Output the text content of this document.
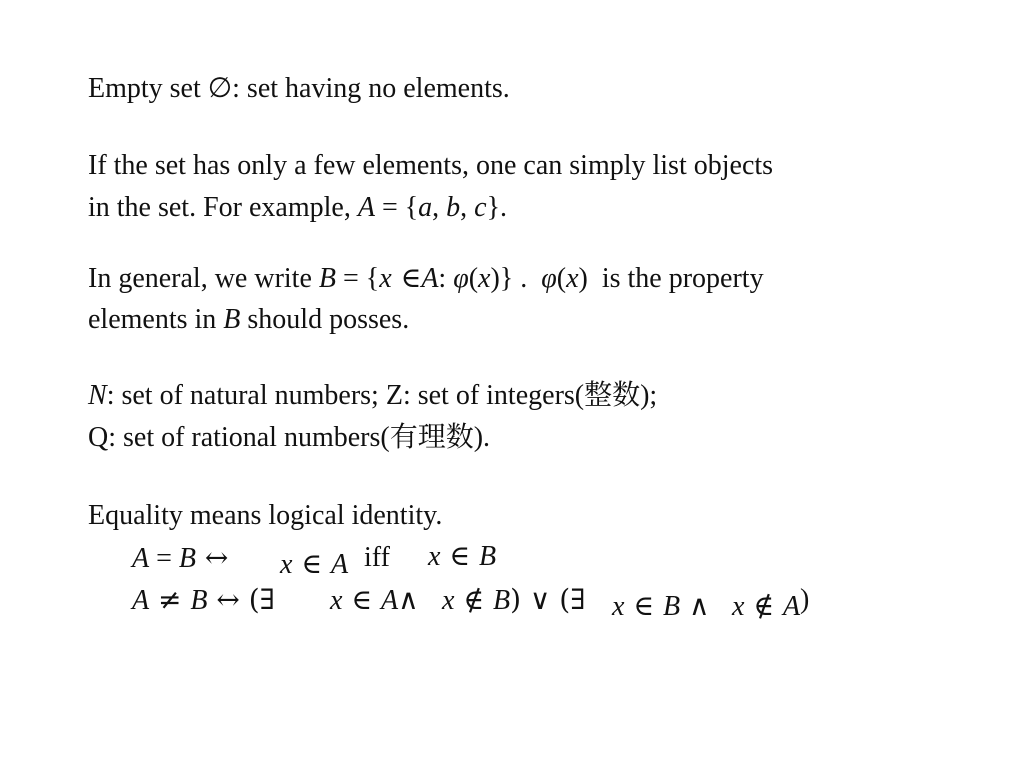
Empty set ∅: set having no elements.
If the set has only a few elements, one can simply list objects
in the set. For example, A = {a, b, c}.
In general, we write B = {x ∈A: φ(x)} .  φ(x)  is the property
elements in B should posses.
N: set of natural numbers; Z: set of integers(整数);
Q: set of rational numbers(有理数).
Equality means logical identity.
A = B ↔ x ∈ A iff x ∈ B
A ≠ B ↔ (∃ x ∈ A∧ x ∉ B) ∨ (∃ x ∈ B ∧ x ∉ A )
